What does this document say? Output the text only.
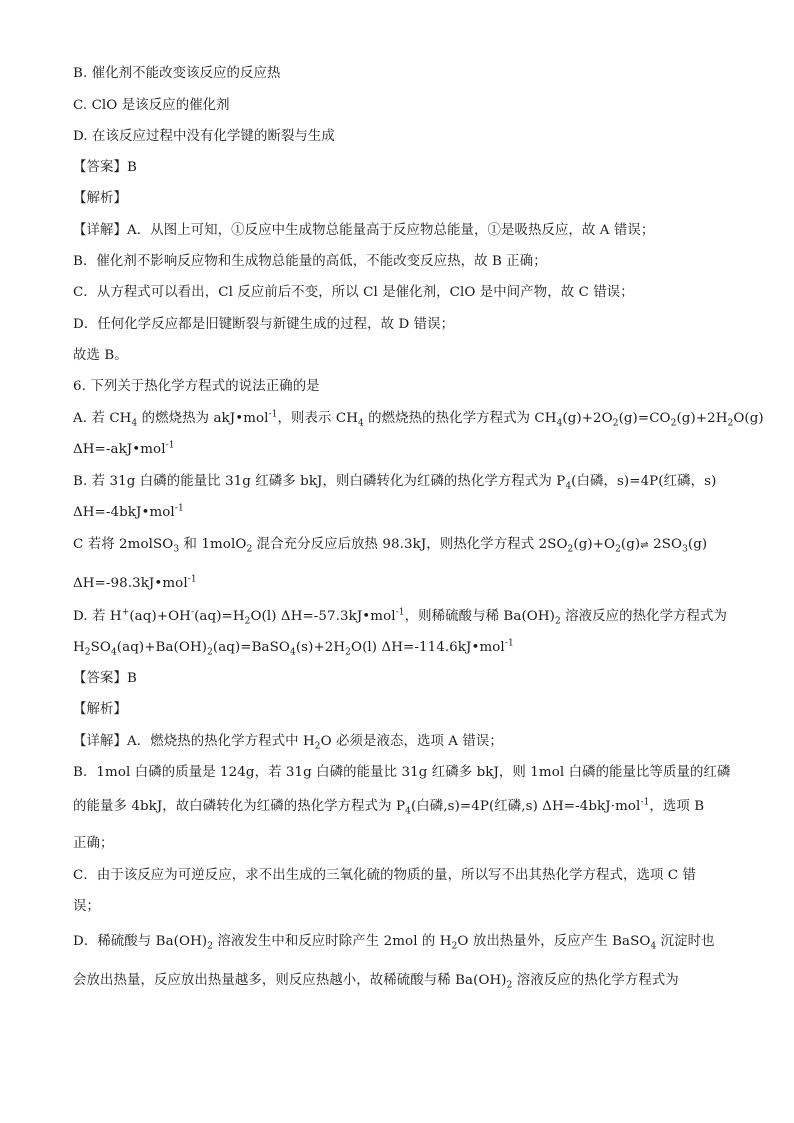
B. 催化剂不能改变该反应的反应热
C. ClO 是该反应的催化剂
D. 在该反应过程中没有化学键的断裂与生成
【答案】B
【解析】
【详解】A．从图上可知，①反应中生成物总能量高于反应物总能量，①是吸热反应，故 A 错误；
B．催化剂不影响反应物和生成物总能量的高低，不能改变反应热，故 B 正确；
C．从方程式可以看出，Cl 反应前后不变，所以 Cl 是催化剂，ClO 是中间产物，故 C 错误；
D．任何化学反应都是旧键断裂与新键生成的过程，故 D 错误；
故选 B。
6. 下列关于热化学方程式的说法正确的是
A. 若 $CH_4$ 的燃烧热为 akJ•mol$^{-1}$，则表示 $CH_4$ 的燃烧热的热化学方程式为 $CH_4(g)+2O_2(g)=CO_2(g)+2H_2O(g)$
ΔH=-akJ•mol$^{-1}$
B. 若 31g 白磷的能量比 31g 红磷多 bkJ，则白磷转化为红磷的热化学方程式为 $P_4$(白磷，s)=4P(红磷，s)
ΔH=-4bkJ•mol$^{-1}$
C 若将 2molSO$_3$ 和 1molO$_2$ 混合充分反应后放热 98.3kJ，则热化学方程式 $2SO_2(g)+O_2(g)\rightleftharpoons$ $2SO_3(g)$
ΔH=-98.3kJ•mol$^{-1}$
D. 若 $H^+(aq)+OH^-(aq)=H_2O(l)$ ΔH=-57.3kJ•mol$^{-1}$，则稀硫酸与稀 $Ba(OH)_2$ 溶液反应的热化学方程式为
$H_2SO_4(aq)+Ba(OH)_2(aq)=BaSO_4(s)+2H_2O(l)$ ΔH=-114.6kJ•mol$^{-1}$
【答案】B
【解析】
【详解】A．燃烧热的热化学方程式中 $H_2O$ 必须是液态，选项 A 错误；
B．1mol 白磷的质量是 124g，若 31g 白磷的能量比 31g 红磷多 bkJ，则 1mol 白磷的能量比等质量的红磷
的能量多 4bkJ，故白磷转化为红磷的热化学方程式为 $P_4$(白磷,s)=4P(红磷,s) ΔH=-4bkJ·mol$^{-1}$，选项 B
正确；
C．由于该反应为可逆反应，求不出生成的三氧化硫的物质的量，所以写不出其热化学方程式，选项 C 错
误；
D．稀硫酸与 $Ba(OH)_2$ 溶液发生中和反应时除产生 2mol 的 $H_2O$ 放出热量外，反应产生 BaSO$_4$ 沉淀时也
会放出热量，反应放出热量越多，则反应热越小，故稀硫酸与稀 $Ba(OH)_2$ 溶液反应的热化学方程式为
